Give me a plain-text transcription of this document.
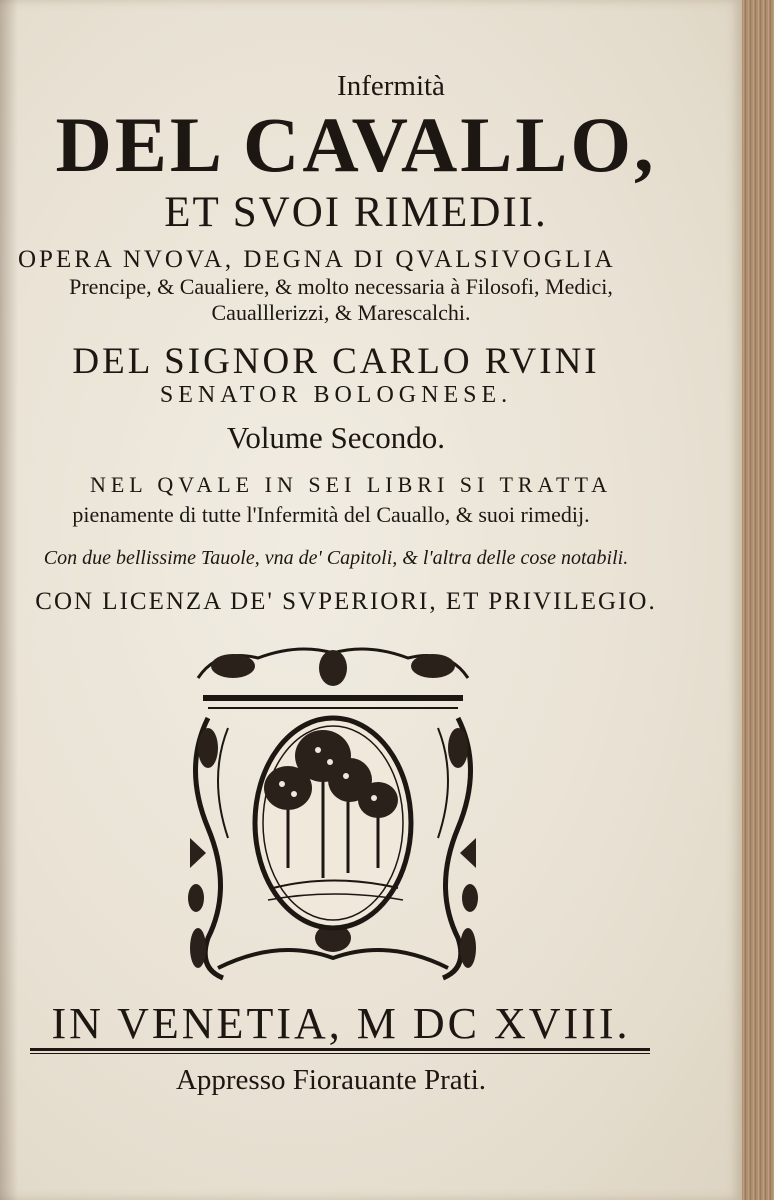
Infermità
DEL CAVALLO,
ET SVOI RIMEDII.
OPERA NVOVA, DEGNA DI QVALSIVOGLIA
Prencipe, & Caualiere, & molto necessaria à Filosofi, Medici,
Caualllerizzi, & Marescalchi.
DEL SIGNOR CARLO RVINI
SENATOR BOLOGNESE.
Volume Secondo.
NEL QVALE IN SEI LIBRI SI TRATTA
pienamente di tutte l'Infermità del Cauallo, & suoi rimedij.
Con due bellissime Tauole, vna de' Capitoli, & l'altra delle cose notabili.
CON LICENZA DE' SVPERIORI, ET PRIVILEGIO.
IN VENETIA, M DC XVIII.
Appresso Fiorauante Prati.
